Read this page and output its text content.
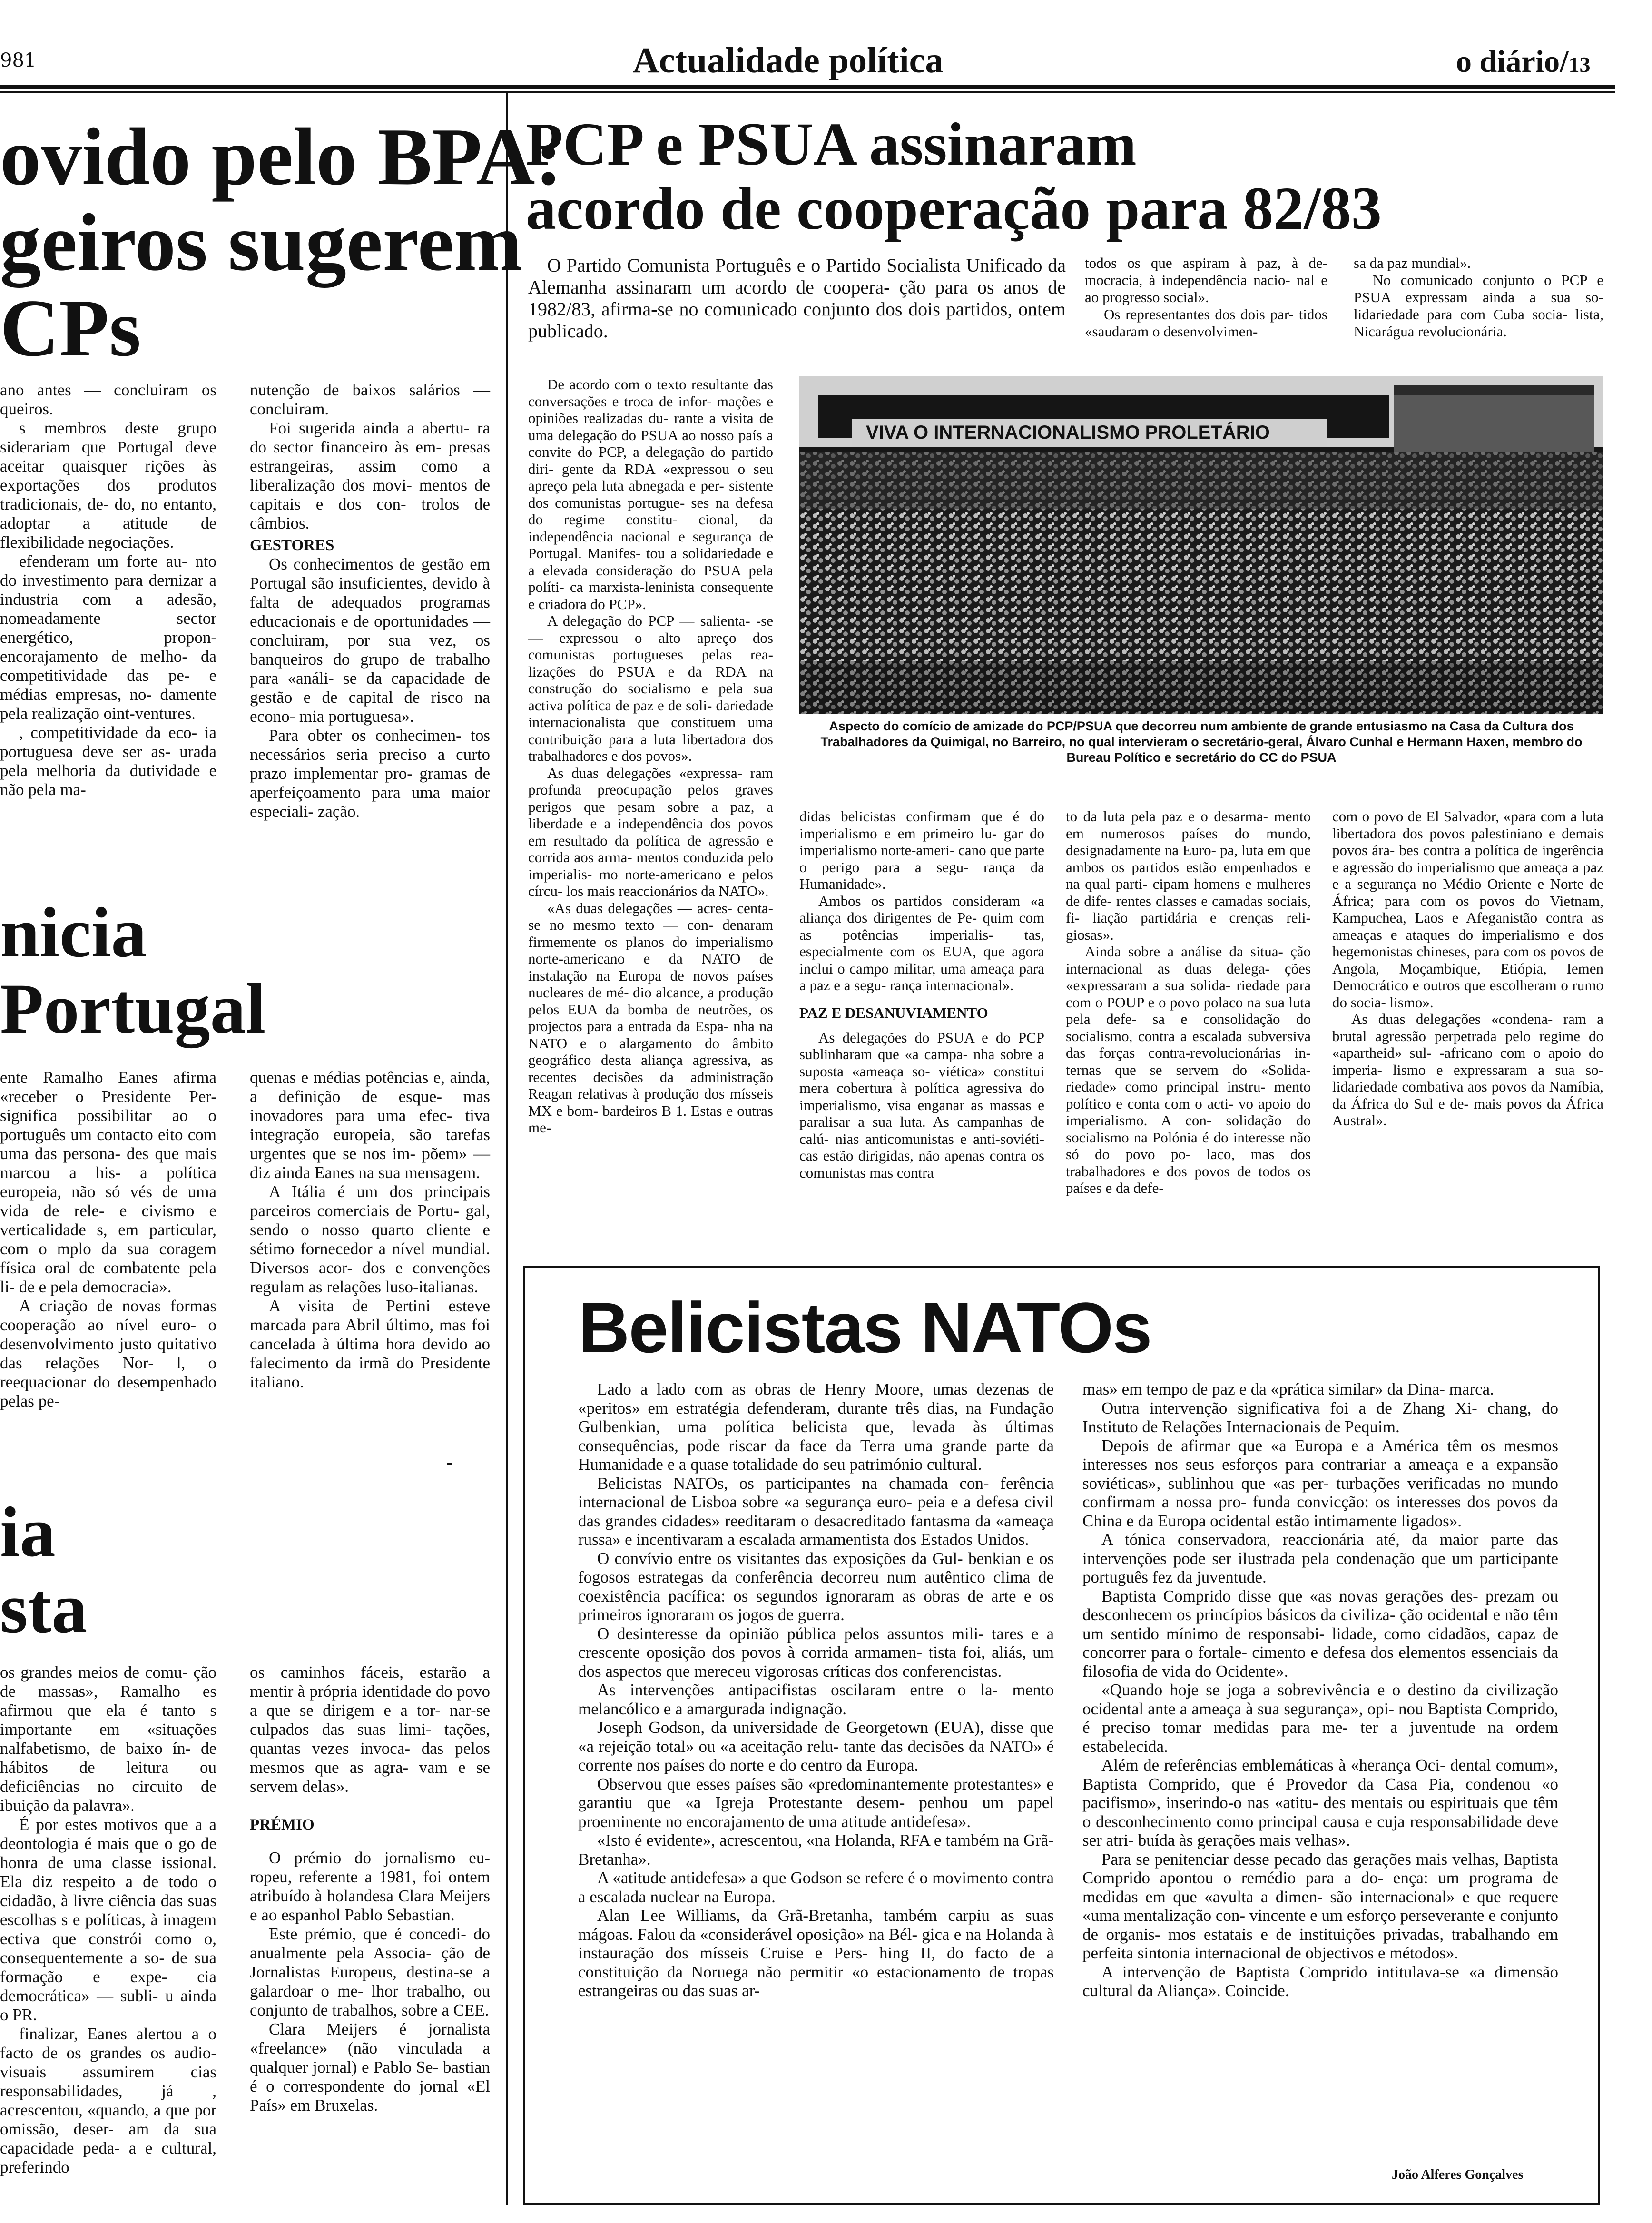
981	Actualidade política	o diário/13
ovido pelo BPA:
geiros sugerem
CPs

ano antes — concluiram os queiros.

s membros deste grupo siderariam que Portugal deve aceitar quaisquer rições às exportações dos produtos tradicionais, de- do, no entanto, adoptar a atitude de flexibilidade negociações.

efenderam um forte au- nto do investimento para dernizar a industria com a adesão, nomeadamente sector energético, propon- encorajamento de melho- da competitividade das pe- e médias empresas, no- damente pela realização oint-ventures.

, competitividade da eco- ia portuguesa deve ser as- urada pela melhoria da dutividade e não pela ma-

nutenção de baixos salários — concluiram.

Foi sugerida ainda a abertu- ra do sector financeiro às em- presas estrangeiras, assim como a liberalização dos movi- mentos de capitais e dos con- trolos de câmbios.

GESTORES

Os conhecimentos de gestão em Portugal são insuficientes, devido à falta de adequados programas educacionais e de oportunidades — concluiram, por sua vez, os banqueiros do grupo de trabalho para «análi- se da capacidade de gestão e de capital de risco na econo- mia portuguesa».

Para obter os conhecimen- tos necessários seria preciso a curto prazo implementar pro- gramas de aperfeiçoamento para uma maior especiali- zação.

nicia
Portugal

ente Ramalho Eanes afirma «receber o Presidente Per- significa possibilitar ao o português um contacto eito com uma das persona- des que mais marcou a his- a política europeia, não só vés de uma vida de rele- e civismo e verticalidade s, em particular, com o mplo da sua coragem física oral de combatente pela li- de e pela democracia».

A criação de novas formas cooperação ao nível euro- o desenvolvimento justo quitativo das relações Nor- l, o reequacionar do desempenhado pelas pe-

quenas e médias potências e, ainda, a definição de esque- mas inovadores para uma efec- tiva integração europeia, são tarefas urgentes que se nos im- põem» — diz ainda Eanes na sua mensagem.

A Itália é um dos principais parceiros comerciais de Portu- gal, sendo o nosso quarto cliente e sétimo fornecedor a nível mundial. Diversos acor- dos e convenções regulam as relações luso-italianas.

A visita de Pertini esteve marcada para Abril último, mas foi cancelada à última hora devido ao falecimento da irmã do Presidente italiano.

ia
sta

os grandes meios de comu- ção de massas», Ramalho es afirmou que ela é tanto s importante em «situações nalfabetismo, de baixo ín- de hábitos de leitura ou deficiências no circuito de ibuição da palavra».

É por estes motivos que a a deontologia é mais que o go de honra de uma classe issional. Ela diz respeito a de todo o cidadão, à livre ciência das suas escolhas s e políticas, à imagem ectiva que constrói como o, consequentemente a so- de sua formação e expe- cia democrática» — subli- u ainda o PR.

finalizar, Eanes alertou a o facto de os grandes os audio-visuais assumirem cias responsabilidades, já , acrescentou, «quando, a que por omissão, deser- am da sua capacidade peda- a e cultural, preferindo

os caminhos fáceis, estarão a mentir à própria identidade do povo a que se dirigem e a tor- nar-se culpados das suas limi- tações, quantas vezes invoca- das pelos mesmos que as agra- vam e se servem delas».

PRÉMIO

O prémio do jornalismo eu- ropeu, referente a 1981, foi ontem atribuído à holandesa Clara Meijers e ao espanhol Pablo Sebastian.

Este prémio, que é concedi- do anualmente pela Associa- ção de Jornalistas Europeus, destina-se a galardoar o me- lhor trabalho, ou conjunto de trabalhos, sobre a CEE.

Clara Meijers é jornalista «freelance» (não vinculada a qualquer jornal) e Pablo Se- bastian é o correspondente do jornal «El País» em Bruxelas.

PCP e PSUA assinaram
acordo de cooperação para 82/83

O Partido Comunista Português e o Partido Socialista Unificado da Alemanha assinaram um acordo de coopera- ção para os anos de 1982/83, afirma-se no comunicado conjunto dos dois partidos, ontem publicado.

todos os que aspiram à paz, à de- mocracia, à independência nacio- nal e ao progresso social».

Os representantes dos dois par- tidos «saudaram o desenvolvimen-

sa da paz mundial».

No comunicado conjunto o PCP e PSUA expressam ainda a sua so- lidariedade para com Cuba socia- lista, Nicarágua revolucionária.

De acordo com o texto resultante das conversações e troca de infor- mações e opiniões realizadas du- rante a visita de uma delegação do PSUA ao nosso país a convite do PCP, a delegação do partido diri- gente da RDA «expressou o seu apreço pela luta abnegada e per- sistente dos comunistas portugue- ses na defesa do regime constitu- cional, da independência nacional e segurança de Portugal. Manifes- tou a solidariedade e a elevada consideração do PSUA pela políti- ca marxista-leninista consequente e criadora do PCP».

A delegação do PCP — salienta- -se — expressou o alto apreço dos comunistas portugueses pelas rea- lizações do PSUA e da RDA na construção do socialismo e pela sua activa política de paz e de soli- dariedade internacionalista que constituem uma contribuição para a luta libertadora dos trabalhadores e dos povos».

As duas delegações «expressa- ram profunda preocupação pelos graves perigos que pesam sobre a paz, a liberdade e a independência dos povos em resultado da política de agressão e corrida aos arma- mentos conduzida pelo imperialis- mo norte-americano e pelos círcu- los mais reaccionários da NATO».

«As duas delegações — acres- centa-se no mesmo texto — con- denaram firmemente os planos do imperialismo norte-americano e da NATO de instalação na Europa de novos países nucleares de mé- dio alcance, a produção pelos EUA da bomba de neutrões, os projectos para a entrada da Espa- nha na NATO e o alargamento do âmbito geográfico desta aliança agressiva, as recentes decisões da administração Reagan relativas à produção dos mísseis MX e bom- bardeiros B 1. Estas e outras me-

VIVA O INTERNACIONALISMO PROLETÁRIO
Aspecto do comício de amizade do PCP/PSUA que decorreu num ambiente de grande entusiasmo na Casa da Cultura dos Trabalhadores da Quimigal, no Barreiro, no qual intervieram o secretário-geral, Álvaro Cunhal e Hermann Haxen, membro do Bureau Político e secretário do CC do PSUA

didas belicistas confirmam que é do imperialismo e em primeiro lu- gar do imperialismo norte-ameri- cano que parte o perigo para a segu- rança da Humanidade».

Ambos os partidos consideram «a aliança dos dirigentes de Pe- quim com as potências imperialis- tas, especialmente com os EUA, que agora inclui o campo militar, uma ameaça para a paz e a segu- rança internacional».

PAZ E DESANUVIAMENTO

As delegações do PSUA e do PCP sublinharam que «a campa- nha sobre a suposta «ameaça so- viética» constitui mera cobertura à política agressiva do imperialismo, visa enganar as massas e paralisar a sua luta. As campanhas de calú- nias anticomunistas e anti-soviéti- cas estão dirigidas, não apenas contra os comunistas mas contra

to da luta pela paz e o desarma- mento em numerosos países do mundo, designadamente na Euro- pa, luta em que ambos os partidos estão empenhados e na qual parti- cipam homens e mulheres de dife- rentes classes e camadas sociais, fi- liação partidária e crenças reli- giosas».

Ainda sobre a análise da situa- ção internacional as duas delega- ções «expressaram a sua solida- riedade para com o POUP e o povo polaco na sua luta pela defe- sa e consolidação do socialismo, contra a escalada subversiva das forças contra-revolucionárias in- ternas que se servem do «Solida- riedade» como principal instru- mento político e conta com o acti- vo apoio do imperialismo. A con- solidação do socialismo na Polónia é do interesse não só do povo po- laco, mas dos trabalhadores e dos povos de todos os países e da defe-

com o povo de El Salvador, «para com a luta libertadora dos povos palestiniano e demais povos ára- bes contra a política de ingerência e agressão do imperialismo que ameaça a paz e a segurança no Médio Oriente e Norte de África; para com os povos do Vietnam, Kampuchea, Laos e Afeganistão contra as ameaças e ataques do imperialismo e dos hegemonistas chineses, para com os povos de Angola, Moçambique, Etiópia, Iemen Democrático e outros que escolheram o rumo do socia- lismo».

As duas delegações «condena- ram a brutal agressão perpetrada pelo regime do «apartheid» sul- -africano com o apoio do imperia- lismo e expressaram a sua so- lidariedade combativa aos povos da Namíbia, da África do Sul e de- mais povos da África Austral».

Belicistas NATOs

Lado a lado com as obras de Henry Moore, umas dezenas de «peritos» em estratégia defenderam, durante três dias, na Fundação Gulbenkian, uma política belicista que, levada às últimas consequências, pode riscar da face da Terra uma grande parte da Humanidade e a quase totalidade do seu património cultural.

Belicistas NATOs, os participantes na chamada con- ferência internacional de Lisboa sobre «a segurança euro- peia e a defesa civil das grandes cidades» reeditaram o desacreditado fantasma da «ameaça russa» e incentivaram a escalada armamentista dos Estados Unidos.

O convívio entre os visitantes das exposições da Gul- benkian e os fogosos estrategas da conferência decorreu num autêntico clima de coexistência pacífica: os segundos ignoraram as obras de arte e os primeiros ignoraram os jogos de guerra.

O desinteresse da opinião pública pelos assuntos mili- tares e a crescente oposição dos povos à corrida armamen- tista foi, aliás, um dos aspectos que mereceu vigorosas críticas dos conferencistas.

As intervenções antipacifistas oscilaram entre o la- mento melancólico e a amargurada indignação.

Joseph Godson, da universidade de Georgetown (EUA), disse que «a rejeição total» ou «a aceitação relu- tante das decisões da NATO» é corrente nos países do norte e do centro da Europa.

Observou que esses países são «predominantemente protestantes» e garantiu que «a Igreja Protestante desem- penhou um papel proeminente no encorajamento de uma atitude antidefesa».

«Isto é evidente», acrescentou, «na Holanda, RFA e também na Grã-Bretanha».

A «atitude antidefesa» a que Godson se refere é o movimento contra a escalada nuclear na Europa.

Alan Lee Williams, da Grã-Bretanha, também carpiu as suas mágoas. Falou da «considerável oposição» na Bél- gica e na Holanda à instauração dos mísseis Cruise e Pers- hing II, do facto de a constituição da Noruega não permitir «o estacionamento de tropas estrangeiras ou das suas ar-

mas» em tempo de paz e da «prática similar» da Dina- marca.

Outra intervenção significativa foi a de Zhang Xi- chang, do Instituto de Relações Internacionais de Pequim.

Depois de afirmar que «a Europa e a América têm os mesmos interesses nos seus esforços para contrariar a ameaça e a expansão soviéticas», sublinhou que «as per- turbações verificadas no mundo confirmam a nossa pro- funda convicção: os interesses dos povos da China e da Europa ocidental estão intimamente ligados».

A tónica conservadora, reaccionária até, da maior parte das intervenções pode ser ilustrada pela condenação que um participante português fez da juventude.

Baptista Comprido disse que «as novas gerações des- prezam ou desconhecem os princípios básicos da civiliza- ção ocidental e não têm um sentido mínimo de responsabi- lidade, como cidadãos, capaz de concorrer para o fortale- cimento e defesa dos elementos essenciais da filosofia de vida do Ocidente».

«Quando hoje se joga a sobrevivência e o destino da civilização ocidental ante a ameaça à sua segurança», opi- nou Baptista Comprido, é preciso tomar medidas para me- ter a juventude na ordem estabelecida.

Além de referências emblemáticas à «herança Oci- dental comum», Baptista Comprido, que é Provedor da Casa Pia, condenou «o pacifismo», inserindo-o nas «atitu- des mentais ou espirituais que têm o desconhecimento como principal causa e cuja responsabilidade deve ser atri- buída às gerações mais velhas».

Para se penitenciar desse pecado das gerações mais velhas, Baptista Comprido apontou o remédio para a do- ença: um programa de medidas em que «avulta a dimen- são internacional» e que requere «uma mentalização con- vincente e um esforço perseverante e conjunto de organis- mos estatais e de instituições privadas, trabalhando em perfeita sintonia internacional de objectivos e métodos».

A intervenção de Baptista Comprido intitulava-se «a dimensão cultural da Aliança». Coincide.

João Alferes Gonçalves
